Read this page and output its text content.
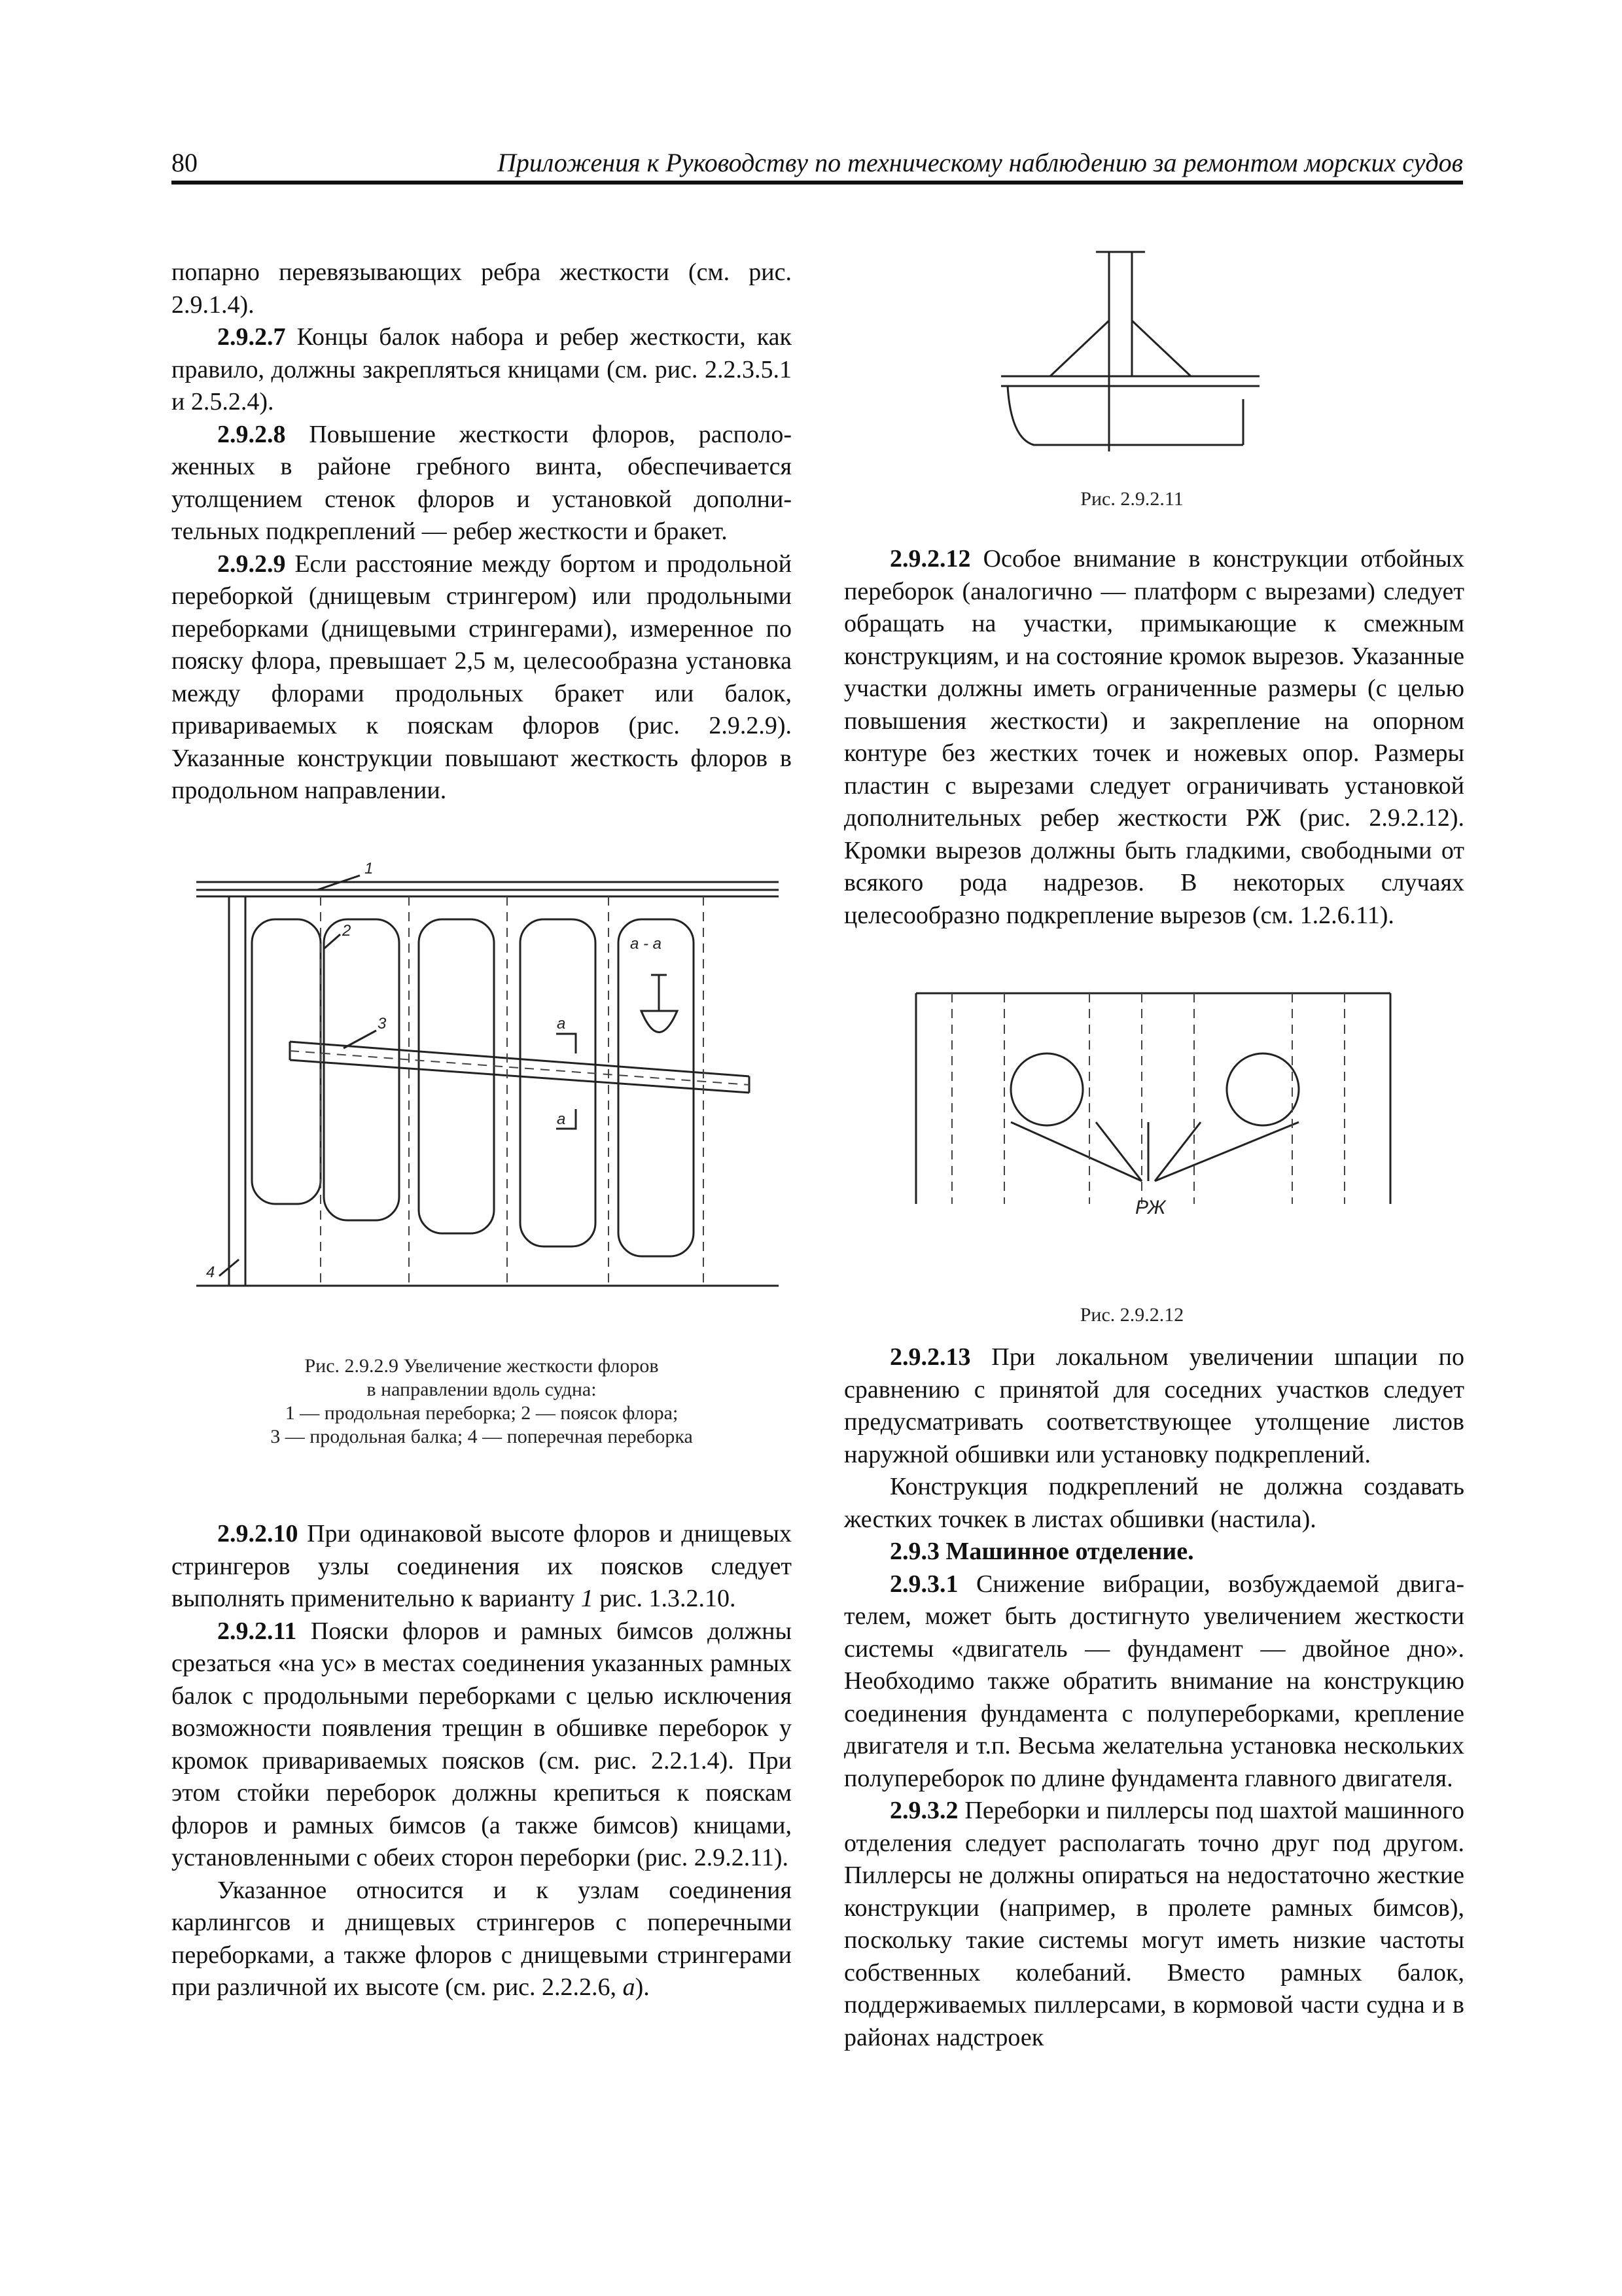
80	Приложения к Руководству по техническому наблюдению за ремонтом морских судов

попарно перевязывающих ребра жесткости (см. рис. 2.9.1.4).

2.9.2.7 Концы балок набора и ребер жесткости, как правило, должны закрепляться кницами (см. рис. 2.2.3.5.1 и 2.5.2.4).

2.9.2.8 Повышение жесткости флоров, расположенных в районе гребного винта, обеспечивается утолщением стенок флоров и установкой дополнительных подкреплений — ребер жесткости и бракет.

2.9.2.9 Если расстояние между бортом и продольной переборкой (днищевым стрингером) или продольными переборками (днищевыми стрингерами), измеренное по пояску флора, превышает 2,5 м, целесообразна установка между флорами продольных бракет или балок, привариваемых к пояскам флоров (рис. 2.9.2.9). Указанные конструкции повышают жесткость флоров в продольном направлении.

1
2
3
4
а - а
а
а
Рис. 2.9.2.9 Увеличение жесткости флоров
в направлении вдоль судна:
1 — продольная переборка; 2 — поясок флора;
3 — продольная балка; 4 — поперечная переборка

2.9.2.10 При одинаковой высоте флоров и днищевых стрингеров узлы соединения их поясков следует выполнять применительно к варианту 1 рис. 1.3.2.10.

2.9.2.11 Пояски флоров и рамных бимсов должны срезаться «на ус» в местах соединения указанных рамных балок с продольными переборками с целью исключения возможности появления трещин в обшивке переборок у кромок привариваемых поясков (см. рис. 2.2.1.4). При этом стойки переборок должны крепиться к пояскам флоров и рамных бимсов (а также бимсов) кницами, установленными с обеих сторон переборки (рис. 2.9.2.11).

Указанное относится и к узлам соединения карлингсов и днищевых стрингеров с поперечными переборками, а также флоров с днищевыми стрингерами при различной их высоте (см. рис. 2.2.2.6, а).

Рис. 2.9.2.11

2.9.2.12 Особое внимание в конструкции отбойных переборок (аналогично — платформ с вырезами) следует обращать на участки, примыкающие к смежным конструкциям, и на состояние кромок вырезов. Указанные участки должны иметь ограниченные размеры (с целью повышения жесткости) и закрепление на опорном контуре без жестких точек и ножевых опор. Размеры пластин с вырезами следует ограничивать установкой дополнительных ребер жесткости РЖ (рис. 2.9.2.12). Кромки вырезов должны быть гладкими, свободными от всякого рода надрезов. В некоторых случаях целесообразно подкрепление вырезов (см. 1.2.6.11).

РЖ
Рис. 2.9.2.12

2.9.2.13 При локальном увеличении шпации по сравнению с принятой для соседних участков следует предусматривать соответствующее утолщение листов наружной обшивки или установку подкреплений.

Конструкция подкреплений не должна создавать жестких точкек в листах обшивки (настила).

2.9.3 Машинное отделение.

2.9.3.1 Снижение вибрации, возбуждаемой двигателем, может быть достигнуто увеличением жесткости системы «двигатель — фундамент — двойное дно». Необходимо также обратить внимание на конструкцию соединения фундамента с полупереборками, крепление двигателя и т.п. Весьма желательна установка нескольких полупереборок по длине фундамента главного двигателя.

2.9.3.2 Переборки и пиллерсы под шахтой машинного отделения следует располагать точно друг под другом. Пиллерсы не должны опираться на недостаточно жесткие конструкции (например, в пролете рамных бимсов), поскольку такие системы могут иметь низкие частоты собственных колебаний. Вместо рамных балок, поддерживаемых пиллерсами, в кормовой части судна и в районах надстроек
